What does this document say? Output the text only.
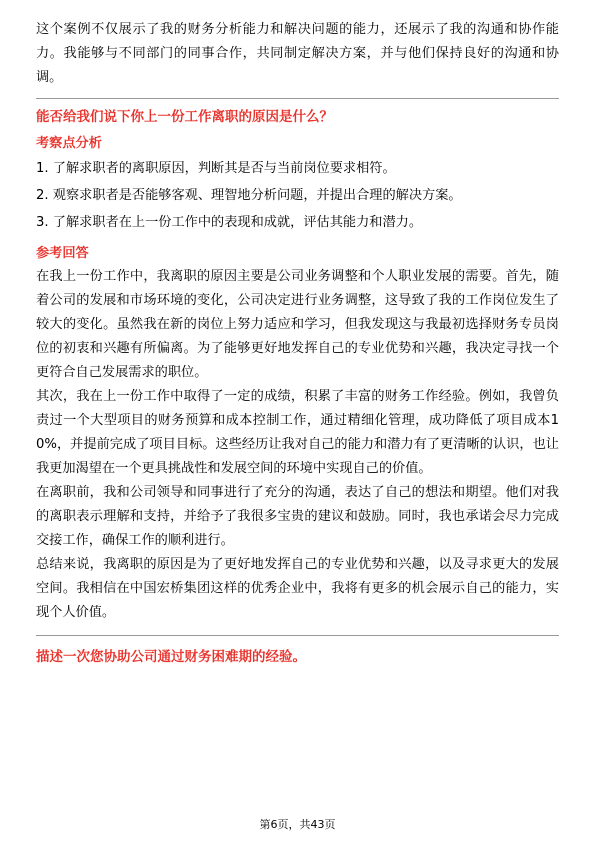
这个案例不仅展示了我的财务分析能力和解决问题的能力，还展示了我的沟通和协作能力。我能够与不同部门的同事合作，共同制定解决方案，并与他们保持良好的沟通和协调。

能否给我们说下你上一份工作离职的原因是什么？

考察点分析

1. 了解求职者的离职原因，判断其是否与当前岗位要求相符。

2. 观察求职者是否能够客观、理智地分析问题，并提出合理的解决方案。

3. 了解求职者在上一份工作中的表现和成就，评估其能力和潜力。

参考回答

在我上一份工作中，我离职的原因主要是公司业务调整和个人职业发展的需要。首先，随着公司的发展和市场环境的变化，公司决定进行业务调整，这导致了我的工作岗位发生了较大的变化。虽然我在新的岗位上努力适应和学习，但我发现这与我最初选择财务专员岗位的初衷和兴趣有所偏离。为了能够更好地发挥自己的专业优势和兴趣，我决定寻找一个更符合自己发展需求的职位。

其次，我在上一份工作中取得了一定的成绩，积累了丰富的财务工作经验。例如，我曾负责过一个大型项目的财务预算和成本控制工作，通过精细化管理，成功降低了项目成本10%，并提前完成了项目目标。这些经历让我对自己的能力和潜力有了更清晰的认识，也让我更加渴望在一个更具挑战性和发展空间的环境中实现自己的价值。

在离职前，我和公司领导和同事进行了充分的沟通，表达了自己的想法和期望。他们对我的离职表示理解和支持，并给予了我很多宝贵的建议和鼓励。同时，我也承诺会尽力完成交接工作，确保工作的顺利进行。

总结来说，我离职的原因是为了更好地发挥自己的专业优势和兴趣，以及寻求更大的发展空间。我相信在中国宏桥集团这样的优秀企业中，我将有更多的机会展示自己的能力，实现个人价值。

描述一次您协助公司通过财务困难期的经验。

第6页，共43页
